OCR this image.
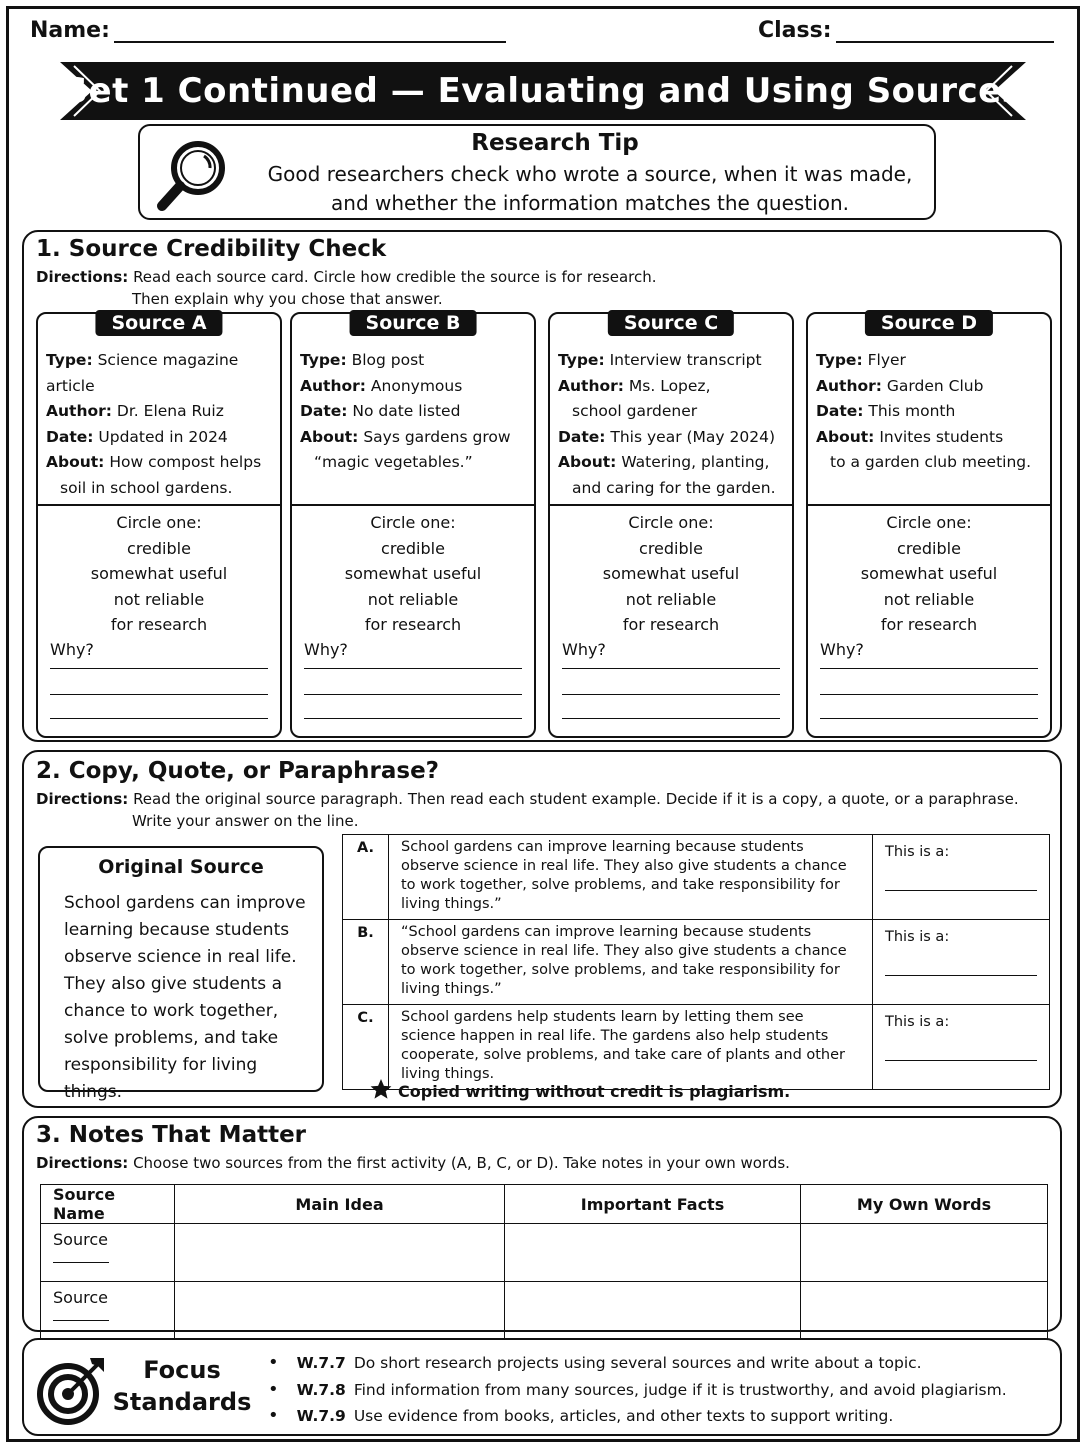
Name:	Class:
Set 1 Continued — Evaluating and Using Sources
Research Tip
Good researchers check who wrote a source, when it was made,
and whether the information matches the question.
1. Source Credibility Check
Directions: Read each source card. Circle how credible the source is for research.
Then explain why you chose that answer.
Source A
Type: Science magazine article
Author: Dr. Elena Ruiz
Date: Updated in 2024
About: How compost helps
soil in school gardens.
Circle one:
credible
somewhat useful
not reliable
for research
Why?
Source B
Type: Blog post
Author: Anonymous
Date: No date listed
About: Says gardens grow
“magic vegetables.”
Circle one:
credible
somewhat useful
not reliable
for research
Why?
Source C
Type: Interview transcript
Author: Ms. Lopez,
school gardener
Date: This year (May 2024)
About: Watering, planting,
and caring for the garden.
Circle one:
credible
somewhat useful
not reliable
for research
Why?
Source D
Type: Flyer
Author: Garden Club
Date: This month
About: Invites students
to a garden club meeting.
Circle one:
credible
somewhat useful
not reliable
for research
Why?
2. Copy, Quote, or Paraphrase?
Directions: Read the original source paragraph. Then read each student example. Decide if it is a copy, a quote, or a paraphrase.
Write your answer on the line.
Original Source
School gardens can improve learning because students observe science in real life. They also give students a chance to work together, solve problems, and take responsibility for living things.
A.	School gardens can improve learning because students observe science in real life. They also give students a chance to work together, solve problems, and take responsibility for living things.”	This is a:

B.	“School gardens can improve learning because students observe science in real life. They also give students a chance to work together, solve problems, and take responsibility for living things.”	This is a:

C.	School gardens help students learn by letting them see science happen in real life. The gardens also help students cooperate, solve problems, and take care of plants and other living things.	This is a:
Copied writing without credit is plagiarism.
3. Notes That Matter
Directions: Choose two sources from the first activity (A, B, C, or D). Take notes in your own words.
Source Name	Main Idea	Important Facts	My Own Words
Source

Source

Focus
Standards
• W.7.7 Do short research projects using several sources and write about a topic.
• W.7.8 Find information from many sources, judge if it is trustworthy, and avoid plagiarism.
• W.7.9 Use evidence from books, articles, and other texts to support writing.
